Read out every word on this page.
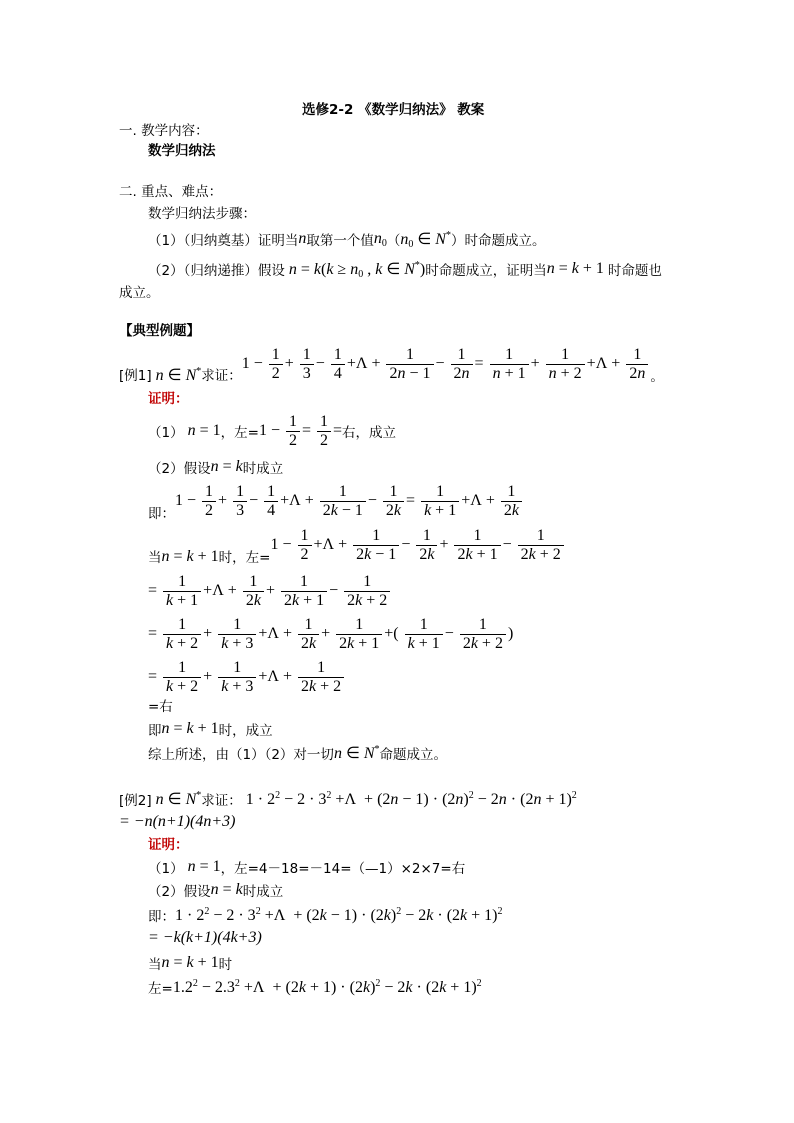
选修2-2 《数学归纳法》 教案
一. 教学内容：
数学归纳法
二. 重点、难点：
数学归纳法步骤：
（1）（归纳奠基）证明当 n 取第一个值 $n_0$ （ $n_0$ ∈ N* ） 时命题成立。
（2）（归纳递推）假设 $n = k(k \ge n_0$ , k ∈ N*) 时命题成立，证明当 n = k + 1 时命题也
成立。
【典型例题】
[例1] n ∈ N* 求证：
$1 - \frac{1}{2} + \frac{1}{3} - \frac{1}{4} +\Lambda + \frac{1}{2n - 1} - \frac{1}{2n} = \frac{1}{n + 1} + \frac{1}{n + 2} +\Lambda + \frac{1}{2n}$ 。
证明：
（1） n = 1 ，左= $1 - \frac{1}{2} = \frac{1}{2}$ = 右，成立
（2）假设 n = k 时成立
即：
$1 - \frac{1}{2} + \frac{1}{3} - \frac{1}{4} +\Lambda + \frac{1}{2k - 1} - \frac{1}{2k} = \frac{1}{k + 1} +\Lambda + \frac{1}{2k}$
当 n = k + 1 时，左=
$1 - \frac{1}{2} +\Lambda + \frac{1}{2k - 1} - \frac{1}{2k} + \frac{1}{2k + 1} - \frac{1}{2k + 2}$
= $\frac{1}{k + 1} +\Lambda + \frac{1}{2k} + \frac{1}{2k + 1} - \frac{1}{2k + 2}$
= $\frac{1}{k + 2} + \frac{1}{k + 3} +\Lambda + \frac{1}{2k} + \frac{1}{2k + 1}$ +( $\frac{1}{k + 1} - \frac{1}{2k + 2}$ )
= $\frac{1}{k + 2} + \frac{1}{k + 3} +\Lambda + \frac{1}{2k + 2}$
=右
即 n = k + 1 时，成立
综上所述，由（1）（2）对一切 n ∈ N* 命题成立。
[例2] n ∈ N* 求证： $1 \cdot 2^2 - 2 \cdot 3^2 +\Lambda + (2n - 1) \cdot (2n)^2 - 2n \cdot (2n + 1)^2$
= −n(n+1)(4n+3)
证明：
（1） n = 1 ，左=4－18=－14=（—1）×2×7=右
（2）假设 n = k 时成立
即： $1 \cdot 2^2 - 2 \cdot 3^2 +\Lambda + (2k - 1) \cdot (2k)^2 - 2k \cdot (2k + 1)^2$
= −k(k+1)(4k+3)
当 n = k + 1 时
左= $1.2^2 - 2.3^2 +\Lambda + (2k + 1) \cdot (2k)^2 - 2k \cdot (2k + 1)^2$
